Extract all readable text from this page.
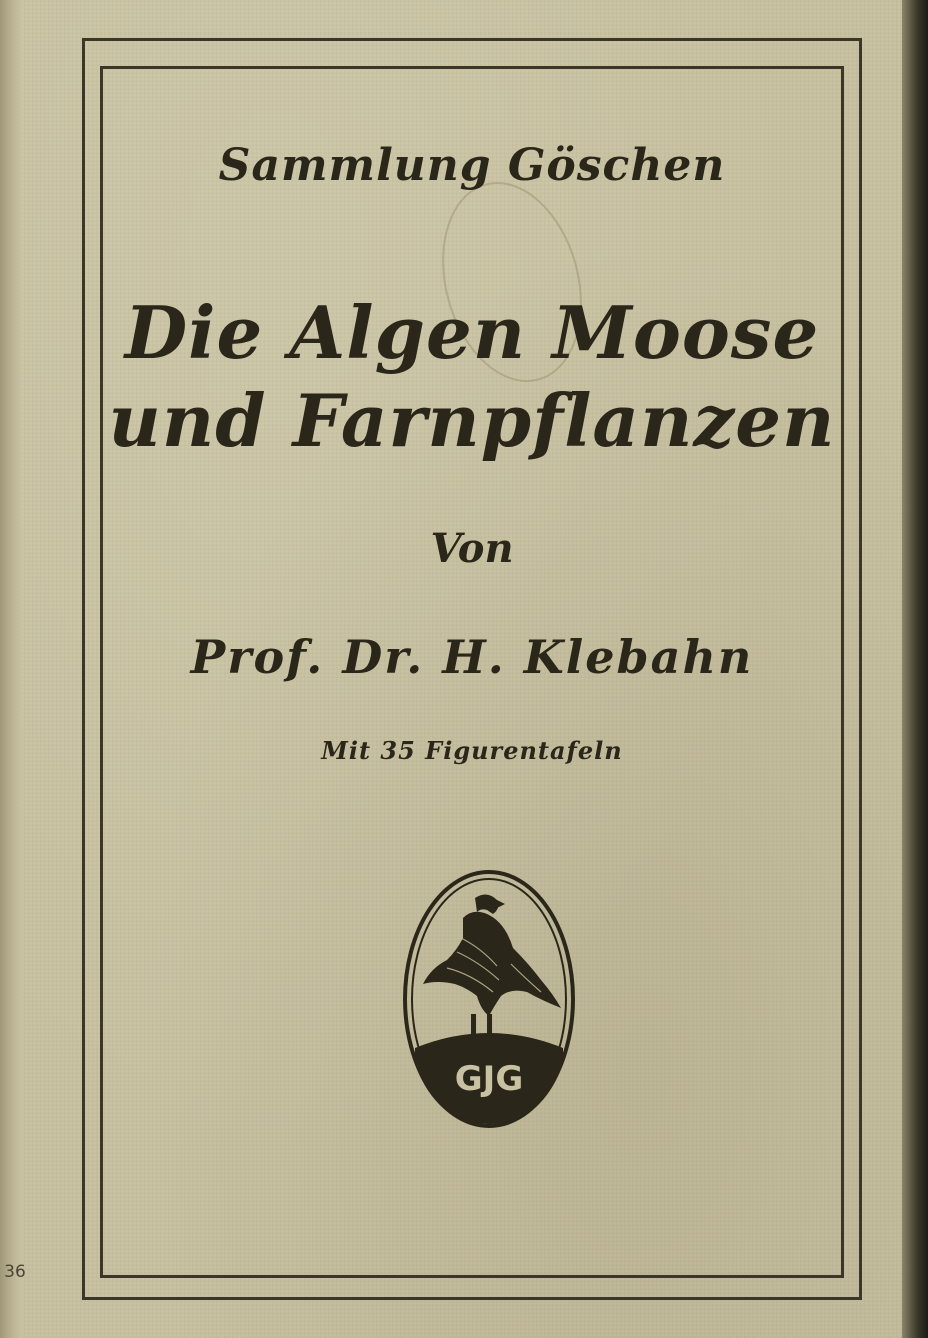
36
Sammlung Göschen
Die Algen Moose
und Farnpflanzen
Von
Prof. Dr. H. Klebahn
Mit 35 Figurentafeln
GJG
